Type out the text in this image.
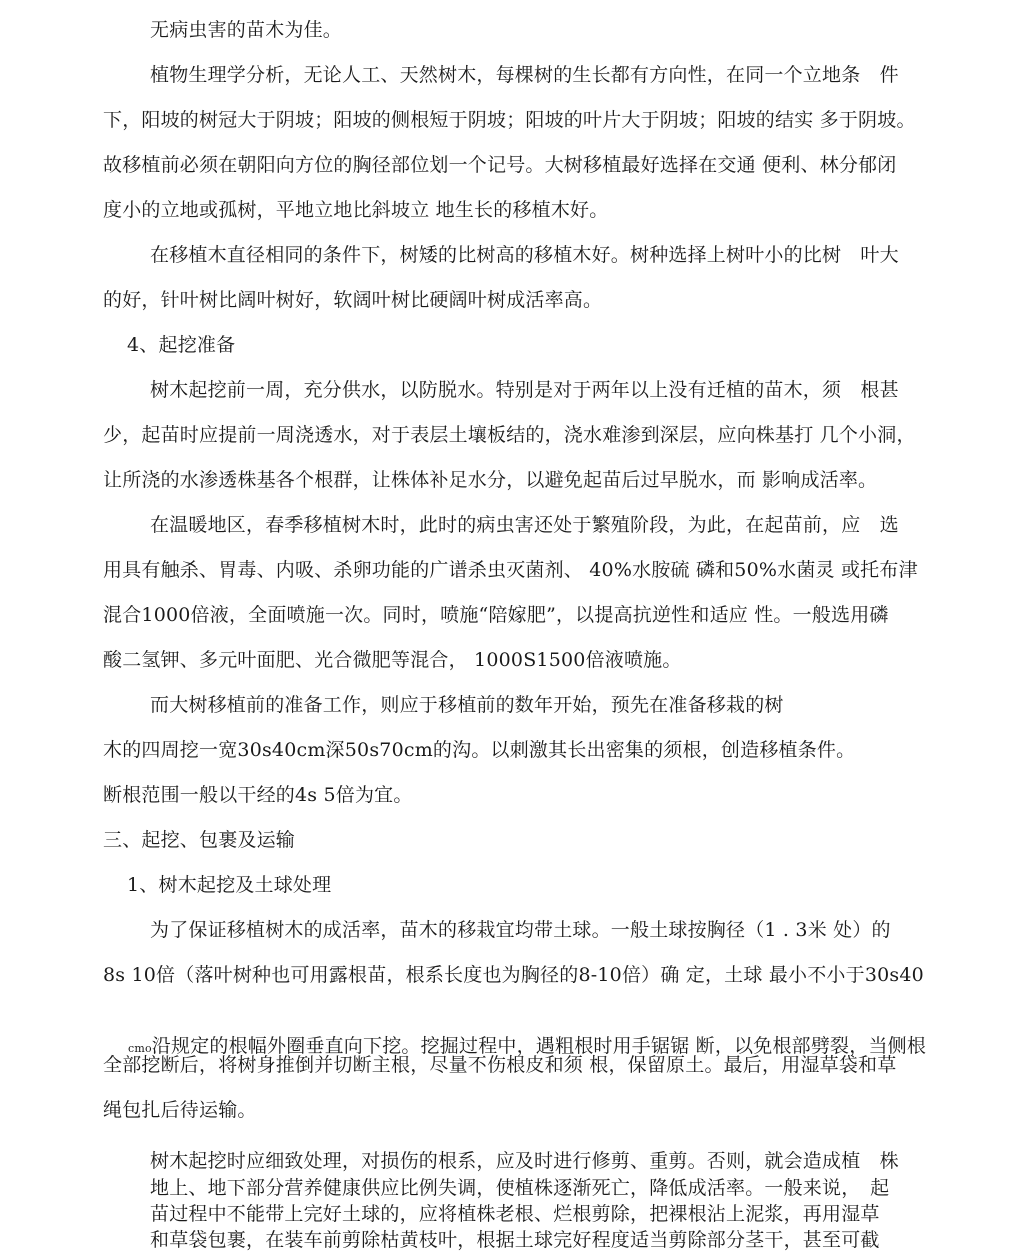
无病虫害的苗木为佳。
植物生理学分析，无论人工、天然树木，每棵树的生长都有方向性，在同一个立地条　件
下，阳坡的树冠大于阴坡；阳坡的侧根短于阴坡；阳坡的叶片大于阴坡；阳坡的结实 多于阴坡。
故移植前必须在朝阳向方位的胸径部位划一个记号。大树移植最好选择在交通 便利、林分郁闭
度小的立地或孤树，平地立地比斜坡立 地生长的移植木好。
在移植木直径相同的条件下，树矮的比树高的移植木好。树种选择上树叶小的比树　叶大
的好，针叶树比阔叶树好，软阔叶树比硬阔叶树成活率高。
4、起挖准备
树木起挖前一周，充分供水，以防脱水。特别是对于两年以上没有迁植的苗木，须　根甚
少，起苗时应提前一周浇透水，对于表层土壤板结的，浇水难渗到深层，应向株基打 几个小洞，
让所浇的水渗透株基各个根群，让株体补足水分，以避免起苗后过早脱水，而 影响成活率。
在温暖地区，春季移植树木时，此时的病虫害还处于繁殖阶段，为此，在起苗前，应　选
用具有触杀、胃毒、内吸、杀卵功能的广谱杀虫灭菌剂、 40%水胺硫 磷和50%水菌灵 或托布津
混合1000倍液，全面喷施一次。同时，喷施“陪嫁肥”，以提高抗逆性和适应 性。一般选用磷
酸二氢钾、多元叶面肥、光合微肥等混合， 1000S1500倍液喷施。
而大树移植前的准备工作，则应于移植前的数年开始，预先在准备移栽的树
木的四周挖一宽30s40cm深50s70cm的沟。以刺激其长出密集的须根，创造移植条件。
断根范围一般以干经的4s 5倍为宜。
三、起挖、包裹及运输
1、树木起挖及土球处理
为了保证移植树木的成活率，苗木的移栽宜均带土球。一般土球按胸径（1 . 3米 处）的
8s 10倍（落叶树种也可用露根苗，根系长度也为胸径的8-10倍）确 定，土球 最小不小于30s40

cmo沿规定的根幅外圈垂直向下挖。挖掘过程中，遇粗根时用手锯锯 断，以免根部劈裂，当侧根

全部挖断后，将树身推倒并切断主根，尽量不伤根皮和须 根，保留原土。最后，用湿草袋和草
绳包扎后待运输。
树木起挖时应细致处理，对损伤的根系，应及时进行修剪、重剪。否则，就会造成植　株
地上、地下部分营养健康供应比例失调，使植株逐渐死亡，降低成活率。一般来说，　起
苗过程中不能带上完好土球的，应将植株老根、烂根剪除，把裸根沾上泥浆，再用湿草
和草袋包裹，在装车前剪除枯黄枝叶，根据土球完好程度适当剪除部分茎干，甚至可截
